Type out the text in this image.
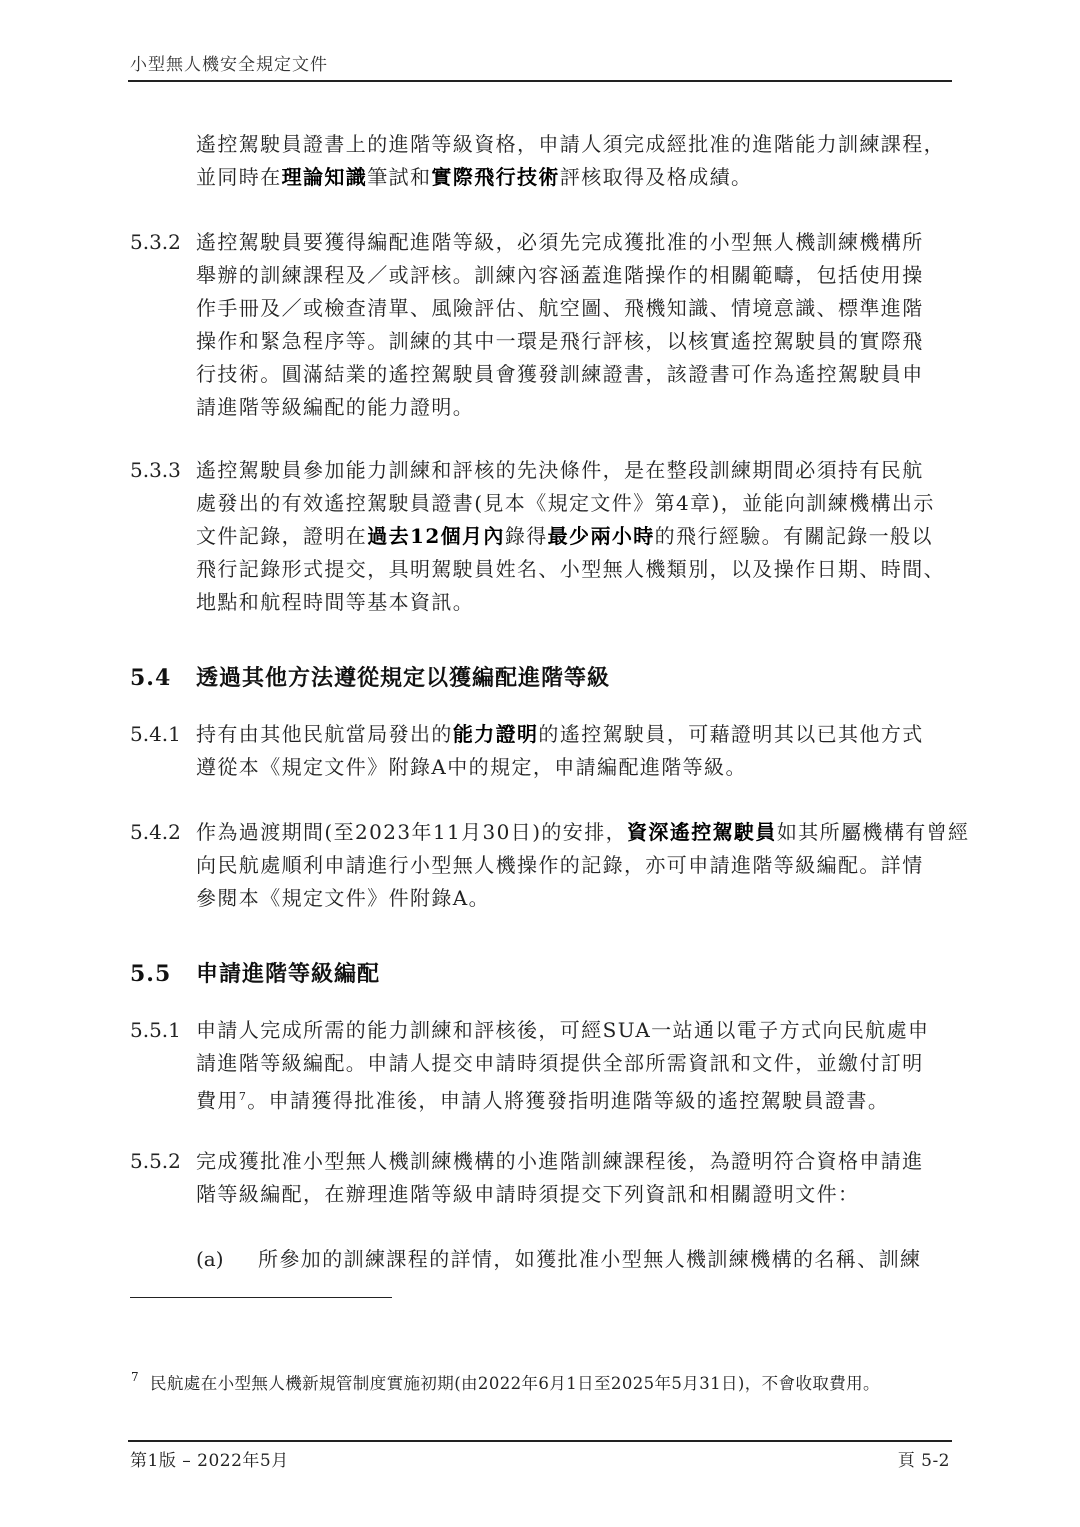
小型無人機安全規定文件
遙控駕駛員證書上的進階等級資格，申請人須完成經批准的進階能力訓練課程，
並同時在理論知識筆試和實際飛行技術評核取得及格成績。
5.3.2 遙控駕駛員要獲得編配進階等級，必須先完成獲批准的小型無人機訓練機構所
舉辦的訓練課程及／或評核。訓練內容涵蓋進階操作的相關範疇，包括使用操
作手冊及／或檢查清單、風險評估、航空圖、飛機知識、情境意識、標準進階
操作和緊急程序等。訓練的其中一環是飛行評核，以核實遙控駕駛員的實際飛
行技術。圓滿結業的遙控駕駛員會獲發訓練證書，該證書可作為遙控駕駛員申
請進階等級編配的能力證明。
5.3.3 遙控駕駛員參加能力訓練和評核的先決條件，是在整段訓練期間必須持有民航
處發出的有效遙控駕駛員證書(見本《規定文件》第4章)，並能向訓練機構出示
文件記錄，證明在過去12個月內錄得最少兩小時的飛行經驗。有關記錄一般以
飛行記錄形式提交，具明駕駛員姓名、小型無人機類別，以及操作日期、時間、
地點和航程時間等基本資訊。
5.4 透過其他方法遵從規定以獲編配進階等級
5.4.1 持有由其他民航當局發出的能力證明的遙控駕駛員，可藉證明其以已其他方式
遵從本《規定文件》附錄A中的規定，申請編配進階等級。
5.4.2 作為過渡期間(至2023年11月30日)的安排，資深遙控駕駛員如其所屬機構有曾經
向民航處順利申請進行小型無人機操作的記錄，亦可申請進階等級編配。詳情
參閱本《規定文件》件附錄A。
5.5 申請進階等級編配
5.5.1 申請人完成所需的能力訓練和評核後，可經SUA一站通以電子方式向民航處申
請進階等級編配。申請人提交申請時須提供全部所需資訊和文件，並繳付訂明
費用$^7$。申請獲得批准後，申請人將獲發指明進階等級的遙控駕駛員證書。
5.5.2 完成獲批准小型無人機訓練機構的小進階訓練課程後，為證明符合資格申請進
階等級編配，在辦理進階等級申請時須提交下列資訊和相關證明文件：
(a) 所參加的訓練課程的詳情，如獲批准小型無人機訓練機構的名稱、訓練
7 民航處在小型無人機新規管制度實施初期(由2022年6月1日至2025年5月31日)，不會收取費用。
第1版 – 2022年5月	頁 5-2
